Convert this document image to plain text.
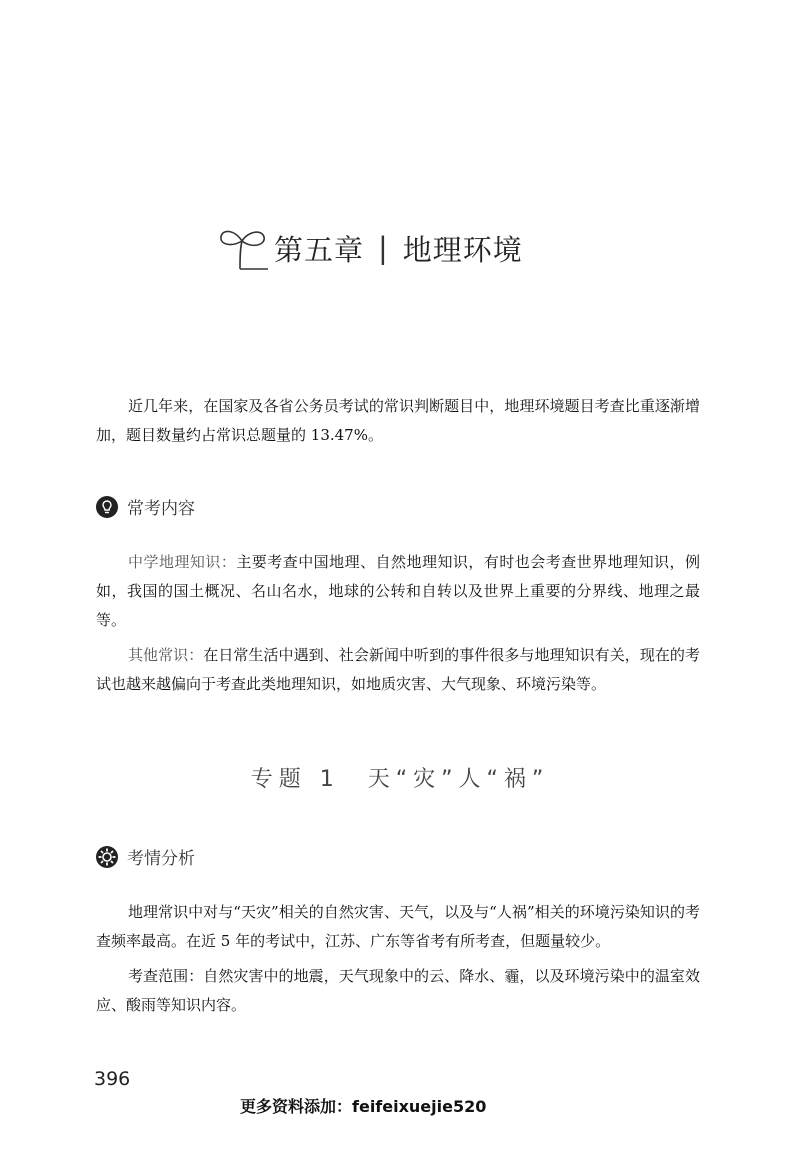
第五章 | 地理环境

近几年来，在国家及各省公务员考试的常识判断题目中，地理环境题目考查比重逐渐增加，题目数量约占常识总题量的 13.47%。

常考内容

中学地理知识：主要考查中国地理、自然地理知识，有时也会考查世界地理知识，例如，我国的国土概况、名山名水，地球的公转和自转以及世界上重要的分界线、地理之最等。

其他常识：在日常生活中遇到、社会新闻中听到的事件很多与地理知识有关，现在的考试也越来越偏向于考查此类地理知识，如地质灾害、大气现象、环境污染等。

专题 1　天“灾”人“祸”
考情分析

地理常识中对与“天灾”相关的自然灾害、天气，以及与“人祸”相关的环境污染知识的考查频率最高。在近 5 年的考试中，江苏、广东等省考有所考查，但题量较少。

考查范围：自然灾害中的地震，天气现象中的云、降水、霾，以及环境污染中的温室效应、酸雨等知识内容。

396
更多资料添加：feifeixuejie520
